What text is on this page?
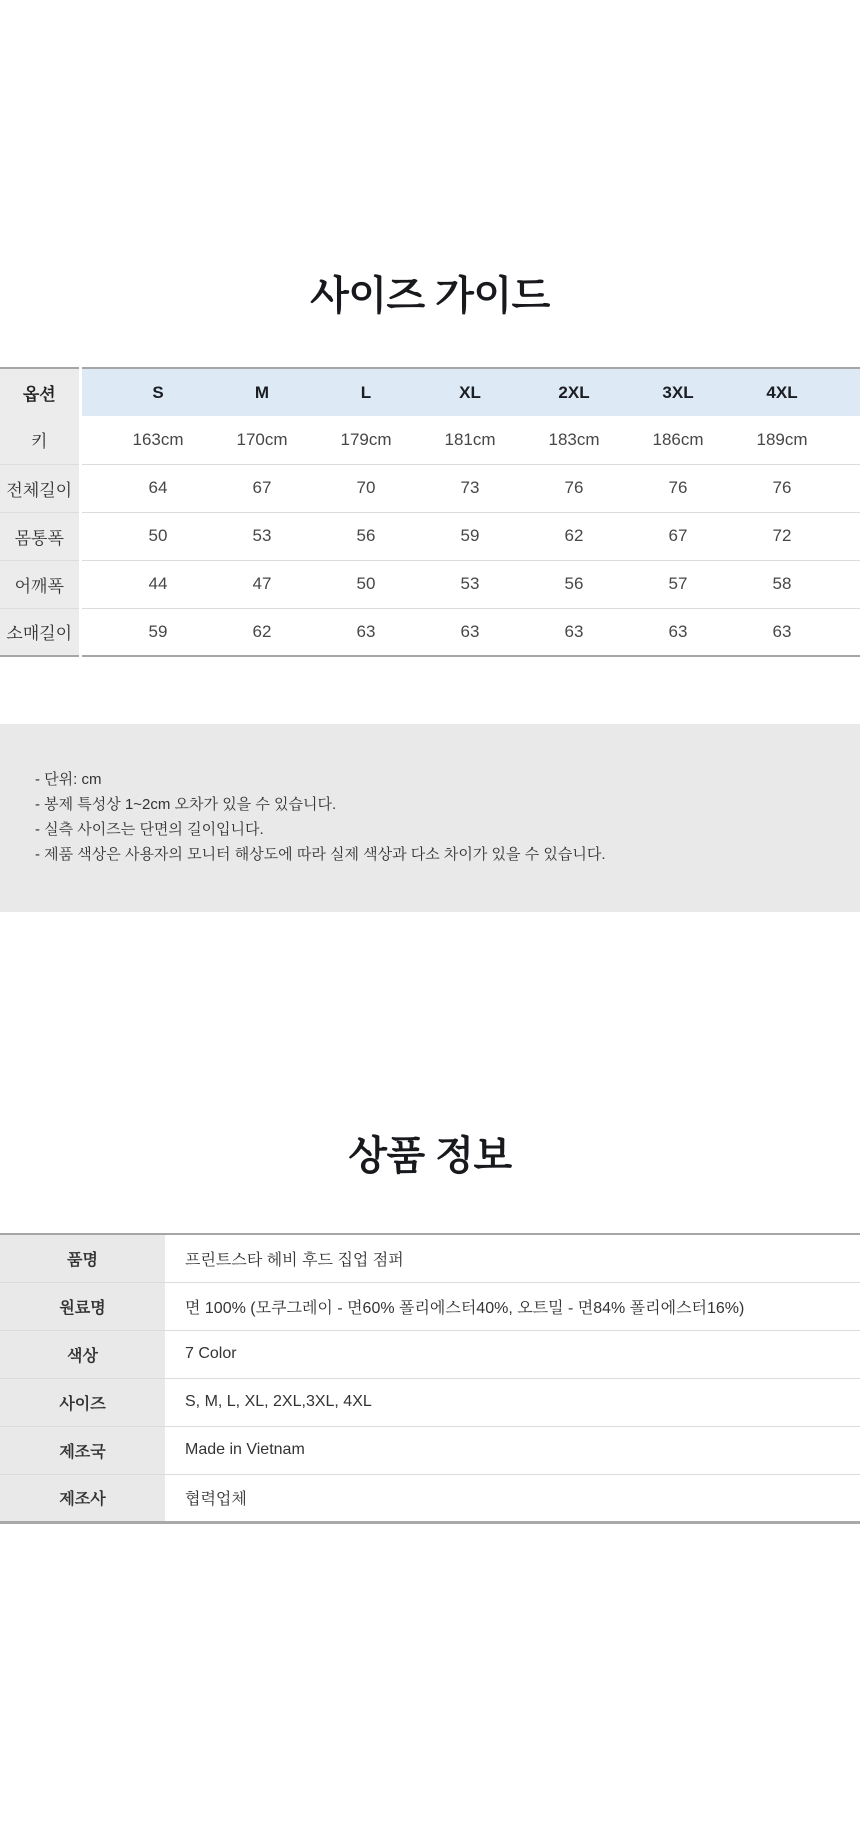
사이즈 가이드
옵션		S	M	L	XL	2XL	3XL	4XL	
키		163cm	170cm	179cm	181cm	183cm	186cm	189cm	
전체길이		64	67	70	73	76	76	76	
몸통폭		50	53	56	59	62	67	72	
어깨폭		44	47	50	53	56	57	58	
소매길이		59	62	63	63	63	63	63	

- 단위: cm

- 봉제 특성상 1~2cm 오차가 있을 수 있습니다.

- 실측 사이즈는 단면의 길이입니다.

- 제품 색상은 사용자의 모니터 해상도에 따라 실제 색상과 다소 차이가 있을 수 있습니다.

상품 정보
품명	프린트스타 헤비 후드 집업 점퍼
원료명	면 100% (모쿠그레이 - 면60% 폴리에스터40%, 오트밀 - 면84% 폴리에스터16%)
색상	7 Color
사이즈	S, M, L, XL, 2XL,3XL, 4XL
제조국	Made in Vietnam
제조사	협력업체
